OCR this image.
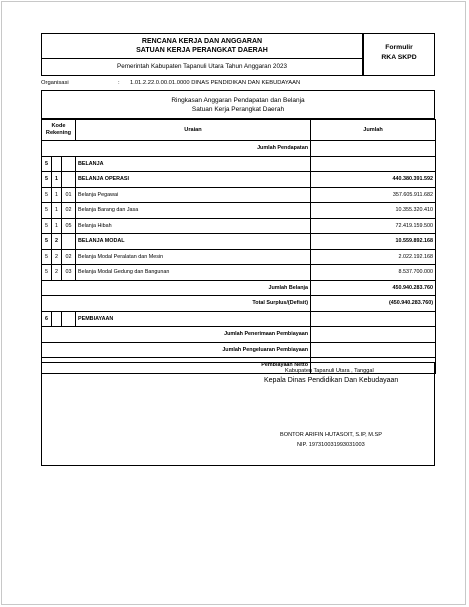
RENCANA KERJA DAN ANGGARAN
SATUAN KERJA PERANGKAT DAERAH
Pemerintah Kabupaten Tapanuli Utara Tahun Anggaran 2023
Formulir
RKA SKPD
Organisasi	: 1.01.2.22.0.00.01.0000 DINAS PENDIDIKAN DAN KEBUDAYAAN
Ringkasan Anggaran Pendapatan dan Belanja
Satuan Kerja Perangkat Daerah
Kode Rekening			Uraian	Jumlah
Jumlah Pendapatan				
5			BELANJA	
5	1		BELANJA OPERASI	440.380.391.592
5	1	01	Belanja Pegawai	357.605.911.682
5	1	02	Belanja Barang dan Jasa	10.355.320.410
5	1	05	Belanja Hibah	72.419.159.500
5	2		BELANJA MODAL	10.559.892.168
5	2	02	Belanja Modal Peralatan dan Mesin	2.022.192.168
5	2	03	Belanja Modal Gedung dan Bangunan	8.537.700.000
Jumlah Belanja				450.940.283.760
Total Surplus/(Defisit)				(450.940.283.760)
6			PEMBIAYAAN	
Jumlah Penerimaan Pembiayaan				
Jumlah Pengeluaran Pembiayaan				
Pembiayaan Netto				
Kabupaten Tapanuli Utara , Tanggal
Kepala Dinas Pendidikan Dan Kebudayaan
BONTOR ARIFIN HUTASOIT, S.IP, M.SP
NIP. 197310031993031003
